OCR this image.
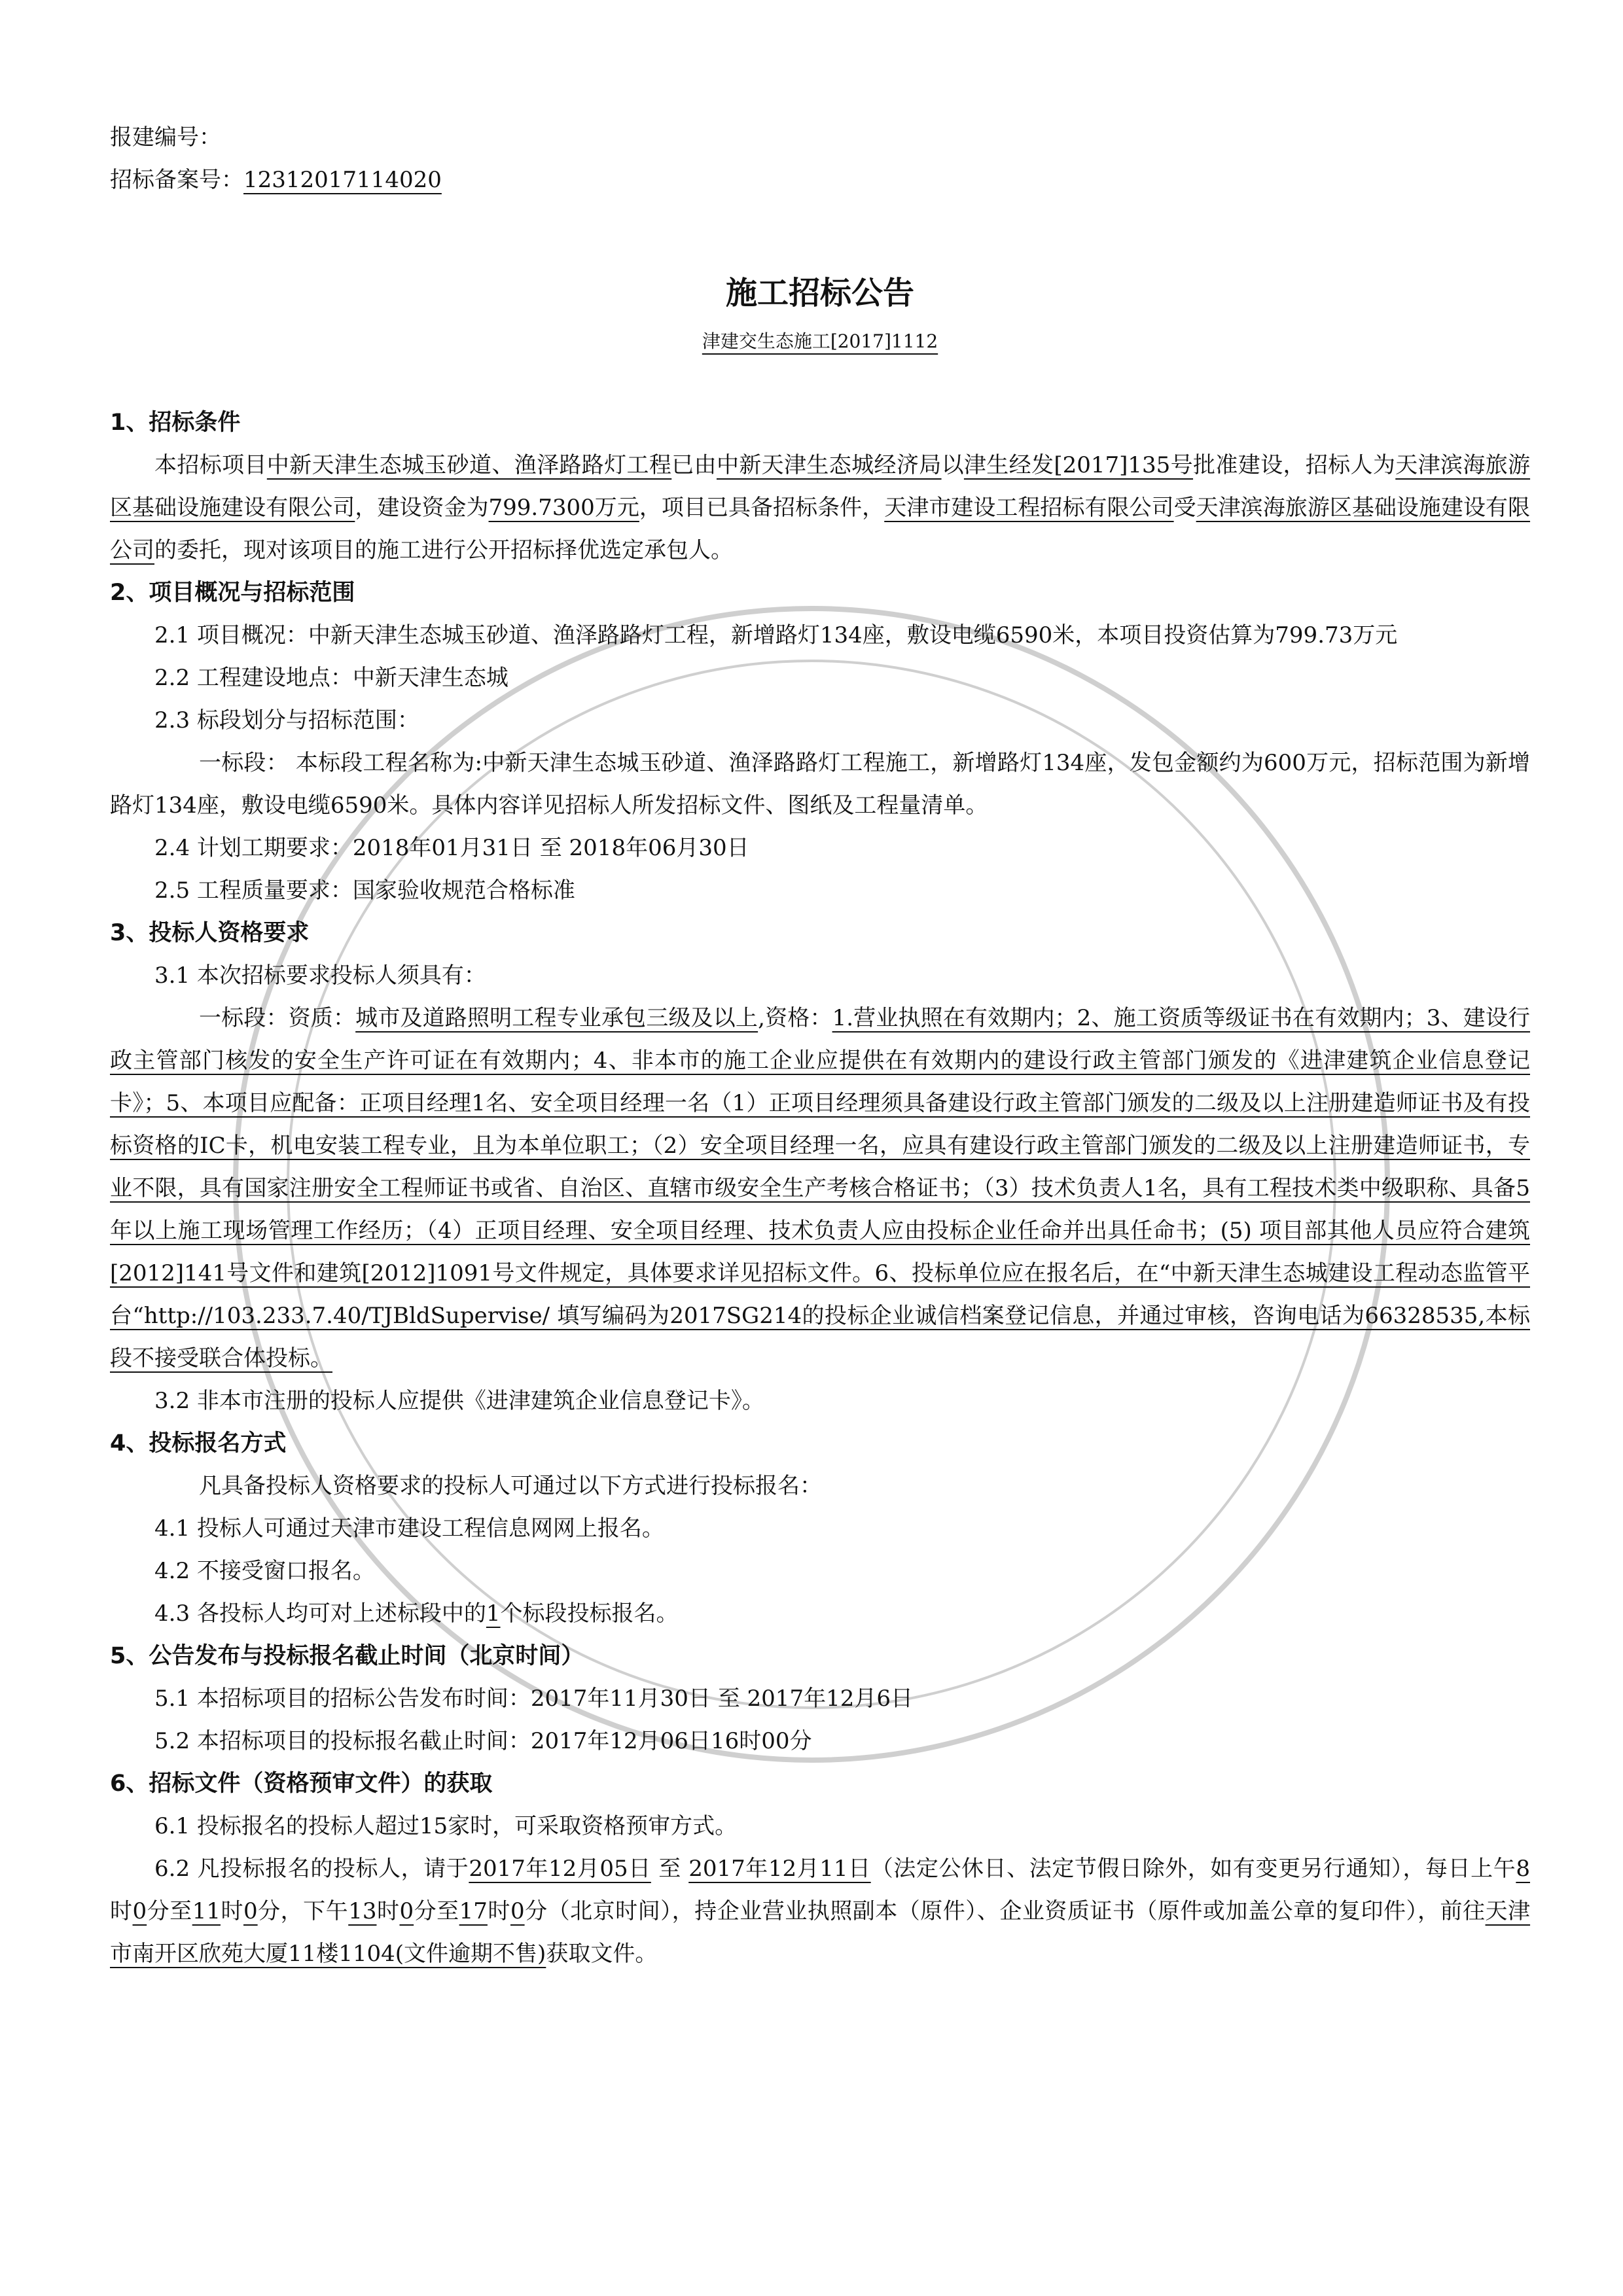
报建编号：
招标备案号：12312017114020
施工招标公告
津建交生态施工[2017]1112
1、招标条件

本招标项目中新天津生态城玉砂道、渔泽路路灯工程已由中新天津生态城经济局以津生经发[2017]135号批准建设，招标人为天津滨海旅游区基础设施建设有限公司，建设资金为799.7300万元，项目已具备招标条件，天津市建设工程招标有限公司受天津滨海旅游区基础设施建设有限公司的委托，现对该项目的施工进行公开招标择优选定承包人。

2、项目概况与招标范围

2.1 项目概况：中新天津生态城玉砂道、渔泽路路灯工程，新增路灯134座，敷设电缆6590米，本项目投资估算为799.73万元

2.2 工程建设地点：中新天津生态城

2.3 标段划分与招标范围：

一标段： 本标段工程名称为:中新天津生态城玉砂道、渔泽路路灯工程施工，新增路灯134座，发包金额约为600万元，招标范围为新增路灯134座，敷设电缆6590米。具体内容详见招标人所发招标文件、图纸及工程量清单。

2.4 计划工期要求：2018年01月31日 至 2018年06月30日

2.5 工程质量要求：国家验收规范合格标准

3、投标人资格要求

3.1 本次招标要求投标人须具有：

一标段：资质：城市及道路照明工程专业承包三级及以上,资格：1.营业执照在有效期内；2、施工资质等级证书在有效期内；3、建设行政主管部门核发的安全生产许可证在有效期内；4、非本市的施工企业应提供在有效期内的建设行政主管部门颁发的《进津建筑企业信息登记卡》；5、本项目应配备：正项目经理1名、安全项目经理一名（1）正项目经理须具备建设行政主管部门颁发的二级及以上注册建造师证书及有投标资格的IC卡，机电安装工程专业，且为本单位职工；（2）安全项目经理一名，应具有建设行政主管部门颁发的二级及以上注册建造师证书，专业不限，具有国家注册安全工程师证书或省、自治区、直辖市级安全生产考核合格证书；（3）技术负责人1名，具有工程技术类中级职称、具备5年以上施工现场管理工作经历；（4）正项目经理、安全项目经理、技术负责人应由投标企业任命并出具任命书；(5) 项目部其他人员应符合建筑[2012]141号文件和建筑[2012]1091号文件规定，具体要求详见招标文件。6、投标单位应在报名后，在“中新天津生态城建设工程动态监管平台“http://103.233.7.40/TJBldSupervise/ 填写编码为2017SG214的投标企业诚信档案登记信息，并通过审核，咨询电话为66328535,本标段不接受联合体投标。

3.2 非本市注册的投标人应提供《进津建筑企业信息登记卡》。

4、投标报名方式

凡具备投标人资格要求的投标人可通过以下方式进行投标报名：

4.1 投标人可通过天津市建设工程信息网网上报名。

4.2 不接受窗口报名。

4.3 各投标人均可对上述标段中的1个标段投标报名。

5、公告发布与投标报名截止时间（北京时间）

5.1 本招标项目的招标公告发布时间：2017年11月30日 至 2017年12月6日

5.2 本招标项目的投标报名截止时间：2017年12月06日16时00分

6、招标文件（资格预审文件）的获取

6.1 投标报名的投标人超过15家时，可采取资格预审方式。

6.2 凡投标报名的投标人，请于2017年12月05日 至 2017年12月11日（法定公休日、法定节假日除外，如有变更另行通知），每日上午8时0分至11时0分，下午13时0分至17时0分（北京时间），持企业营业执照副本（原件）、企业资质证书（原件或加盖公章的复印件），前往天津市南开区欣苑大厦11楼1104(文件逾期不售)获取文件。
